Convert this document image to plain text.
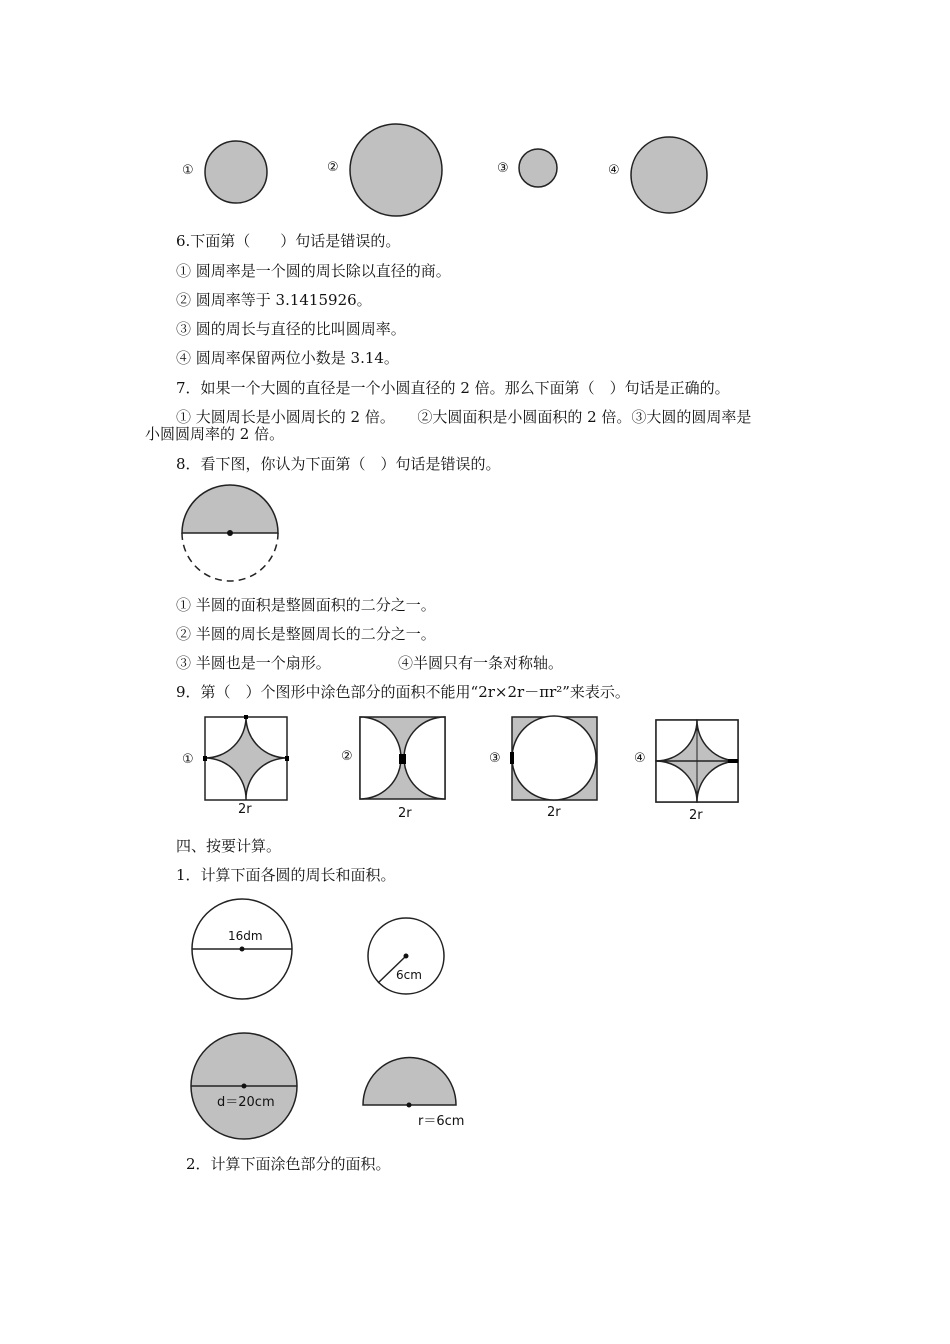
①	②	③	④
6.下面第（　　）句话是错误的。
① 圆周率是一个圆的周长除以直径的商。
② 圆周率等于 3.1415926。
③ 圆的周长与直径的比叫圆周率。
④ 圆周率保留两位小数是 3.14。
7．如果一个大圆的直径是一个小圆直径的 2 倍。那么下面第（　）句话是正确的。
① 大圆周长是小圆周长的 2 倍。　　②大圆面积是小圆面积的 2 倍。③大圆的圆周率是
小圆圆周率的 2 倍。
8．看下图，你认为下面第（　）句话是错误的。
① 半圆的面积是整圆面积的二分之一。
② 半圆的周长是整圆周长的二分之一。
③ 半圆也是一个扇形。	④半圆只有一条对称轴。
9．第（　）个图形中涂色部分的面积不能用“2r×2r－πr²”来表示。
①	②	③	④
2r	2r	2r	2r
四、按要计算。
1．计算下面各圆的周长和面积。
16dm
6cm
d＝20cm
r＝6cm
2．计算下面涂色部分的面积。
